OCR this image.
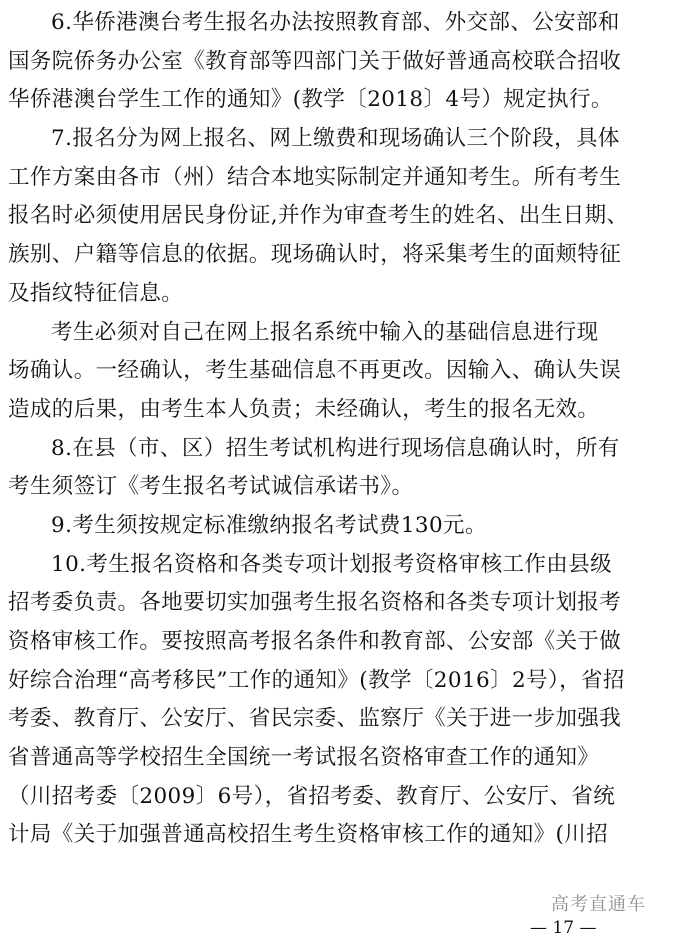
6.华侨港澳台考生报名办法按照教育部、外交部、公安部和
国务院侨务办公室《教育部等四部门关于做好普通高校联合招收
华侨港澳台学生工作的通知》(教学〔2018〕4号）规定执行。
7.报名分为网上报名、网上缴费和现场确认三个阶段，具体
工作方案由各市（州）结合本地实际制定并通知考生。所有考生
报名时必须使用居民身份证,并作为审查考生的姓名、出生日期、
族别、户籍等信息的依据。现场确认时，将采集考生的面颊特征
及指纹特征信息。
考生必须对自己在网上报名系统中输入的基础信息进行现
场确认。一经确认，考生基础信息不再更改。因输入、确认失误
造成的后果，由考生本人负责；未经确认，考生的报名无效。
8.在县（市、区）招生考试机构进行现场信息确认时，所有
考生须签订《考生报名考试诚信承诺书》。
9.考生须按规定标准缴纳报名考试费130元。
10.考生报名资格和各类专项计划报考资格审核工作由县级
招考委负责。各地要切实加强考生报名资格和各类专项计划报考
资格审核工作。要按照高考报名条件和教育部、公安部《关于做
好综合治理“高考移民”工作的通知》(教学〔2016〕2号），省招
考委、教育厅、公安厅、省民宗委、监察厅《关于进一步加强我
省普通高等学校招生全国统一考试报名资格审查工作的通知》
（川招考委〔2009〕6号），省招考委、教育厅、公安厅、省统
计局《关于加强普通高校招生考生资格审核工作的通知》(川招
高考直通车
— 17 —
